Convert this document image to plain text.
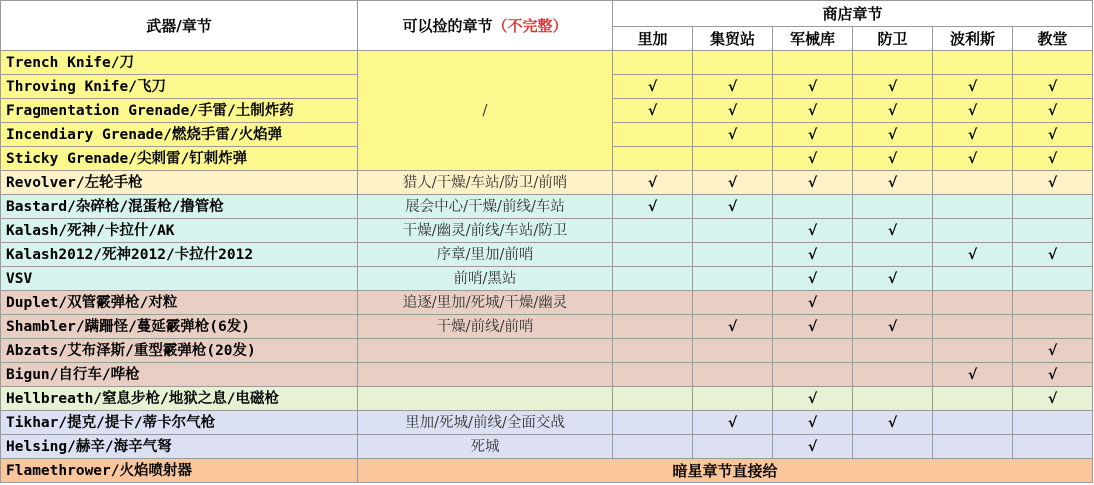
武器/章节	可以捡的章节（不完整）	商店章节					
		里加	集贸站	军械库	防卫	波利斯	教堂
Trench Knife/刀	/						
Throving Knife/飞刀		√	√	√	√	√	√
Fragmentation Grenade/手雷/土制炸药		√	√	√	√	√	√
Incendiary Grenade/燃烧手雷/火焰弹			√	√	√	√	√
Sticky Grenade/尖刺雷/钉刺炸弹				√	√	√	√
Revolver/左轮手枪	猎人/干燥/车站/防卫/前哨	√	√	√	√		√
Bastard/杂碎枪/混蛋枪/撸管枪	展会中心/干燥/前线/车站	√	√				
Kalash/死神/卡拉什/AK	干燥/幽灵/前线/车站/防卫			√	√		
Kalash2012/死神2012/卡拉什2012	序章/里加/前哨			√		√	√
VSV	前哨/黑站			√	√		
Duplet/双管霰弹枪/对粒	追逐/里加/死城/干燥/幽灵			√			
Shambler/蹒跚怪/蔓延霰弹枪(6发)	干燥/前线/前哨		√	√	√		
Abzats/艾布泽斯/重型霰弹枪(20发)							√
Bigun/自行车/哗枪						√	√
Hellbreath/窒息步枪/地狱之息/电磁枪				√			√
Tikhar/提克/提卡/蒂卡尔气枪	里加/死城/前线/全面交战		√	√	√		
Helsing/赫辛/海辛气弩	死城			√			
Flamethrower/火焰喷射器	暗星章节直接给						
